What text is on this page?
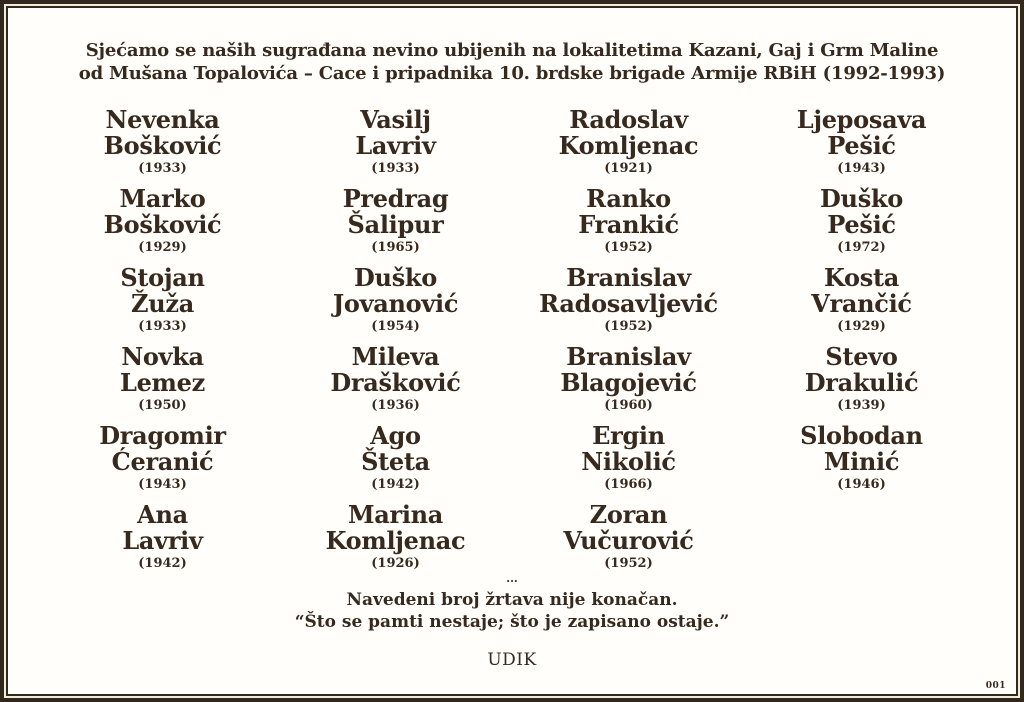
Sjećamo se naših sugrađana nevino ubijenih na lokalitetima Kazani, Gaj i Grm Maline
od Mušana Topalovića – Cace i pripadnika 10. brdske brigade Armije RBiH (1992-1993)
Nevenka
Bošković
(1933)
Vasilj
Lavriv
(1933)
Radoslav
Komljenac
(1921)
Ljeposava
Pešić
(1943)
Marko
Bošković
(1929)
Predrag
Šalipur
(1965)
Ranko
Frankić
(1952)
Duško
Pešić
(1972)
Stojan
Žuža
(1933)
Duško
Jovanović
(1954)
Branislav
Radosavljević
(1952)
Kosta
Vrančić
(1929)
Novka
Lemez
(1950)
Mileva
Drašković
(1936)
Branislav
Blagojević
(1960)
Stevo
Drakulić
(1939)
Dragomir
Ćeranić
(1943)
Ago
Šteta
(1942)
Ergin
Nikolić
(1966)
Slobodan
Minić
(1946)
Ana
Lavriv
(1942)
Marina
Komljenac
(1926)
Zoran
Vučurović
(1952)
...
Navedeni broj žrtava nije konačan.
“Što se pamti nestaje; što je zapisano ostaje.”
UDIK
001
